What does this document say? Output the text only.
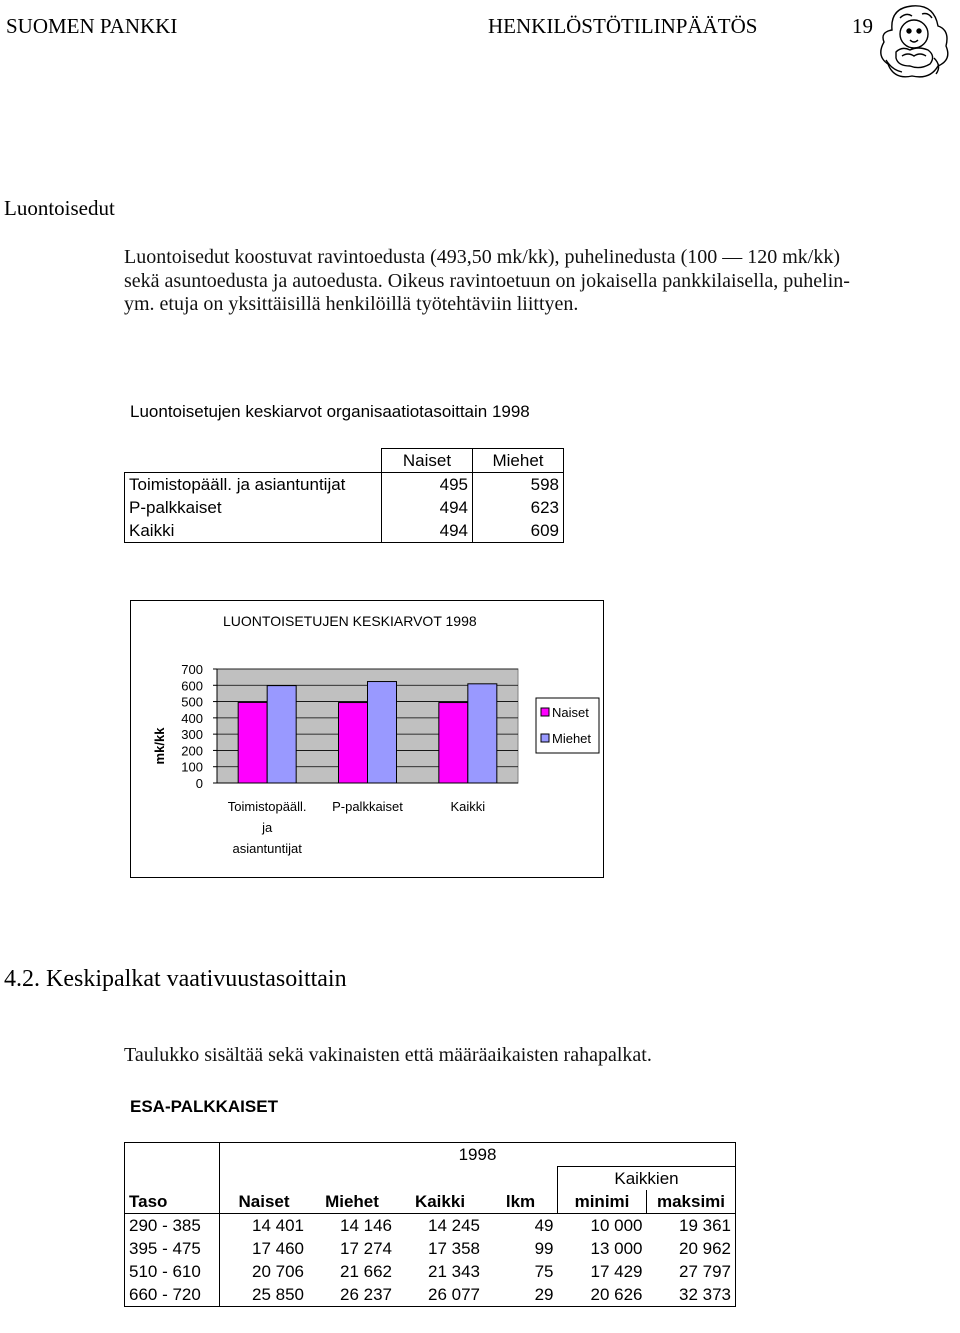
SUOMEN PANKKI	HENKILÖSTÖTILINPÄÄTÖS	19
Luontoisedut
Luontoisedut koostuvat ravintoedusta (493,50 mk/kk), puhelinedusta (100 — 120 mk/kk)
sekä asuntoedusta ja autoedusta. Oikeus ravintoetuun on jokaisella pankkilaisella, puhelin-
ym. etuja on yksittäisillä henkilöillä työtehtäviin liittyen.
Luontoisetujen keskiarvot organisaatiotasoittain 1998
	Naiset	Miehet
Toimistopääll. ja asiantuntijat	495	598
P-palkkaiset	494	623
Kaikki	494	609
LUONTOISETUJEN KESKIARVOT 1998
mk/kk
0
100
200
300
400
500
600
700
Toimistopääll.
ja
asiantuntijat
P-palkkaiset	Kaikki
Naiset
Miehet
4.2. Keskipalkat vaativuustasoittain
Taulukko sisältää sekä vakinaisten että määräaikaisten rahapalkat.
ESA-PALKKAISET
	1998					
					Kaikkien	
Taso	Naiset	Miehet	Kaikki	lkm	minimi	maksimi
290 - 385	14 401	14 146	14 245	49	10 000	19 361
395 - 475	17 460	17 274	17 358	99	13 000	20 962
510 - 610	20 706	21 662	21 343	75	17 429	27 797
660 - 720	25 850	26 237	26 077	29	20 626	32 373
